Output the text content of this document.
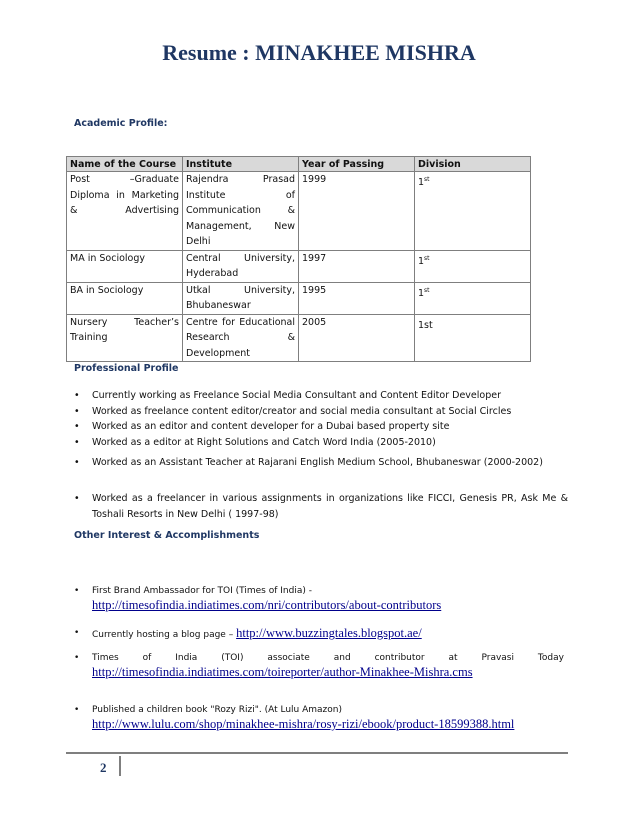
Resume : MINAKHEE MISHRA
Academic Profile:
Name of the Course	Institute	Year of Passing	Division
Post –Graduate Diploma in Marketing & Advertising	Rajendra Prasad Institute of Communication & Management, New Delhi	1999	1st
MA in Sociology	Central University, Hyderabad	1997	1st
BA in Sociology	Utkal University, Bhubaneswar	1995	1st
Nursery Teacher’s Training	Centre for Educational Research & Development	2005	1st
Professional Profile
• Currently working as Freelance Social Media Consultant and Content Editor Developer
• Worked as freelance content editor/creator and social media consultant at Social Circles
• Worked as an editor and content developer for a Dubai based property site
• Worked as a editor at Right Solutions and Catch Word India (2005-2010)
• Worked as an Assistant Teacher at Rajarani English Medium School, Bhubaneswar (2000-2002)
• Worked as a freelancer in various assignments in organizations like FICCI, Genesis PR, Ask Me & Toshali Resorts in New Delhi ( 1997-98)
Other Interest & Accomplishments
• First Brand Ambassador for TOI (Times of India) -
http://timesofindia.indiatimes.com/nri/contributors/about-contributors
• Currently hosting a blog page – http://www.buzzingtales.blogspot.ae/
• Times	of	India	(TOI)	associate	and	contributor	at	Pravasi	Today
http://timesofindia.indiatimes.com/toireporter/author-Minakhee-Mishra.cms
• Published a children book "Rozy Rizi". (At Lulu Amazon)
http://www.lulu.com/shop/minakhee-mishra/rosy-rizi/ebook/product-18599388.html
2
